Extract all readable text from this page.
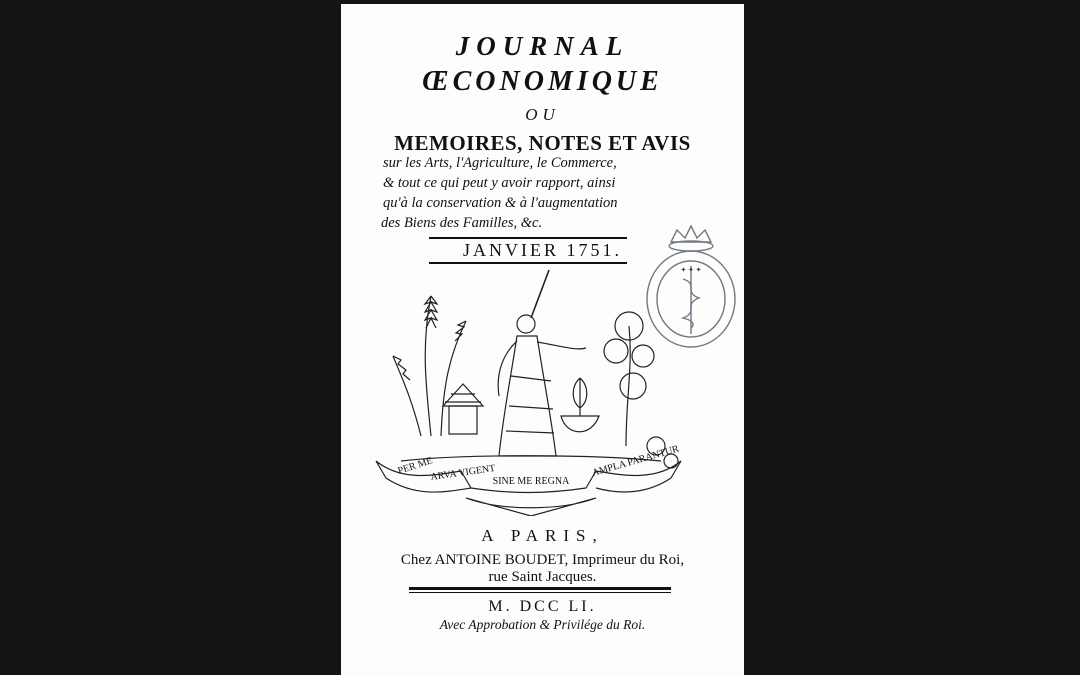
JOURNAL
ŒCONOMIQUE
OU
MEMOIRES, NOTES ET AVIS
sur les Arts, l'Agriculture, le Commerce,
& tout ce qui peut y avoir rapport, ainsi
qu'à la conservation & à l'augmentation
des Biens des Familles, &c.
JANVIER 1751.
✦ ✦ ✦
PER ME
ARVA VIGENT
SINE ME REGNA
AMPLA PARANTUR
A PARIS,
Chez ANTOINE BOUDET, Imprimeur du Roi,
rue Saint Jacques.
M. DCC LI.
Avec Approbation & Privilége du Roi.
